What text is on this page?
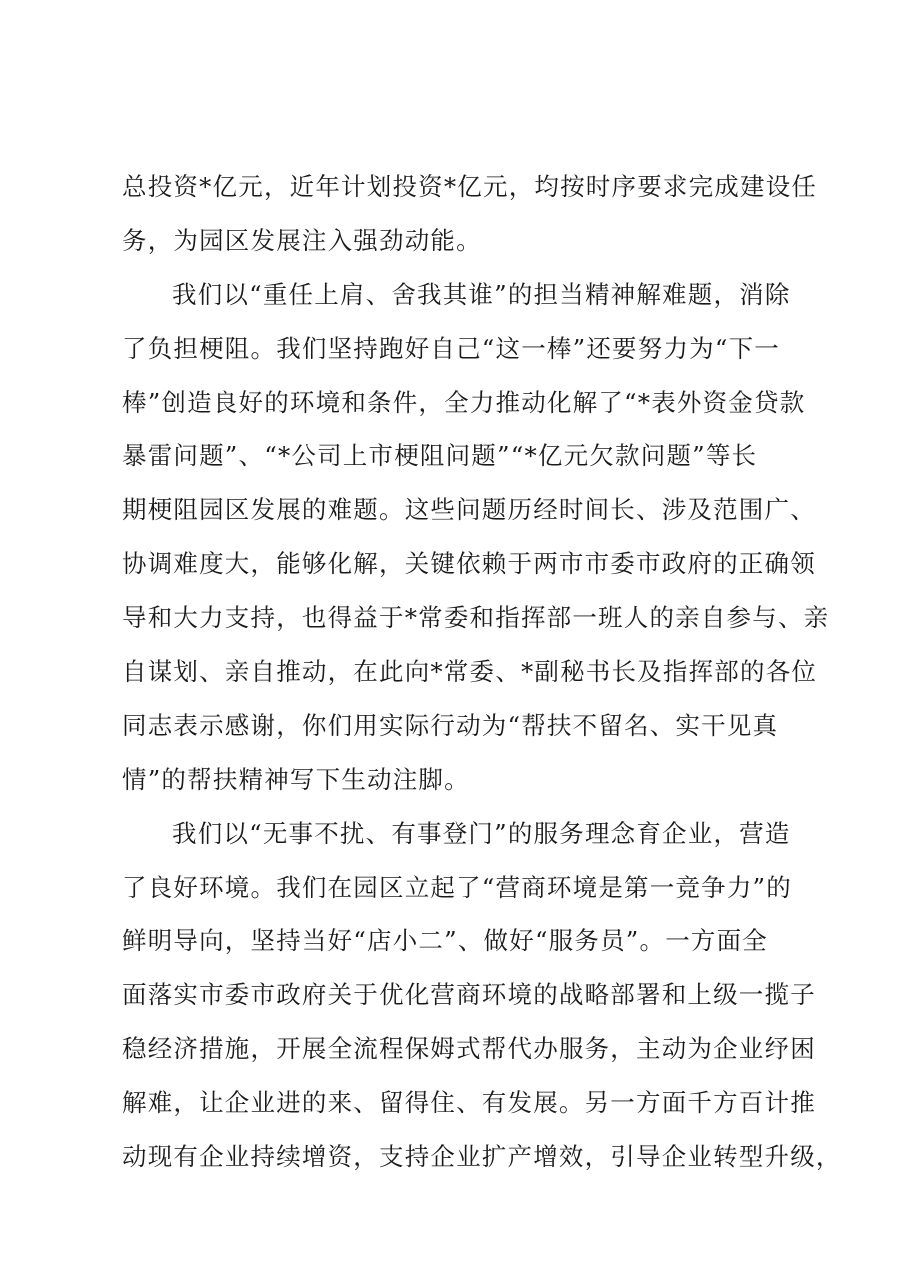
总投资*亿元，近年计划投资*亿元，均按时序要求完成建设任
务，为园区发展注入强劲动能。
我们以“重任上肩、舍我其谁”的担当精神解难题，消除
了负担梗阻。我们坚持跑好自己“这一棒”还要努力为“下一
棒”创造良好的环境和条件，全力推动化解了“*表外资金贷款
暴雷问题”、“*公司上市梗阻问题”“*亿元欠款问题”等长
期梗阻园区发展的难题。这些问题历经时间长、涉及范围广、
协调难度大，能够化解，关键依赖于两市市委市政府的正确领
导和大力支持，也得益于*常委和指挥部一班人的亲自参与、亲
自谋划、亲自推动，在此向*常委、*副秘书长及指挥部的各位
同志表示感谢，你们用实际行动为“帮扶不留名、实干见真
情”的帮扶精神写下生动注脚。
我们以“无事不扰、有事登门”的服务理念育企业，营造
了良好环境。我们在园区立起了“营商环境是第一竞争力”的
鲜明导向，坚持当好“店小二”、做好“服务员”。一方面全
面落实市委市政府关于优化营商环境的战略部署和上级一揽子
稳经济措施，开展全流程保姆式帮代办服务，主动为企业纾困
解难，让企业进的来、留得住、有发展。另一方面千方百计推
动现有企业持续增资，支持企业扩产增效，引导企业转型升级，
